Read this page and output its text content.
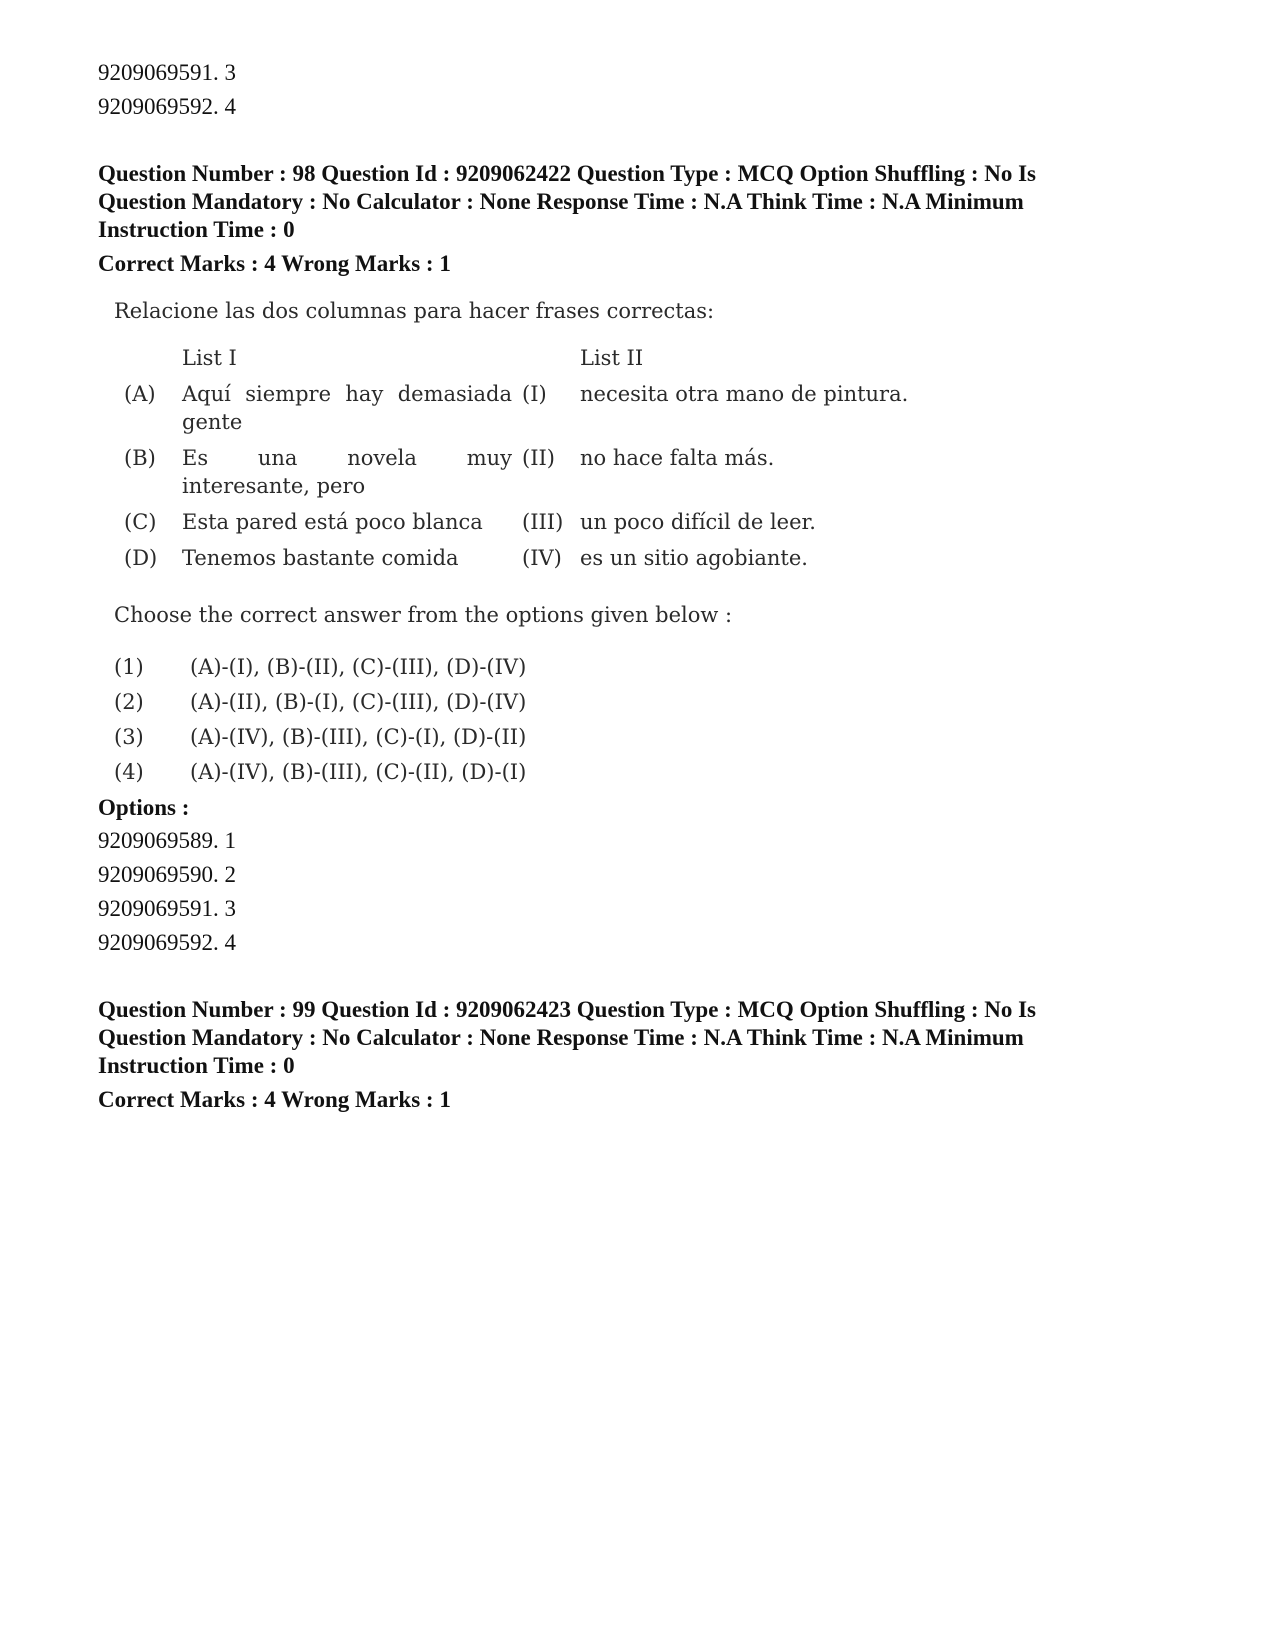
9209069591. 3

9209069592. 4

Question Number : 98 Question Id : 9209062422 Question Type : MCQ Option Shuffling : No Is

Question Mandatory : No Calculator : None Response Time : N.A Think Time : N.A Minimum

Instruction Time : 0

Correct Marks : 4 Wrong Marks : 1

Relacione las dos columnas para hacer frases correctas:

	List I		List II
(A)	Aquí siempre hay demasiada
gente	(I)	necesita otra mano de pintura.
(B)	Es una novela muy
interesante, pero	(II)	no hace falta más.
(C)	Esta pared está poco blanca	(III)	un poco difícil de leer.
(D)	Tenemos bastante comida	(IV)	es un sitio agobiante.

Choose the correct answer from the options given below :

(1)	(A)-(I), (B)-(II), (C)-(III), (D)-(IV)
(2)	(A)-(II), (B)-(I), (C)-(III), (D)-(IV)
(3)	(A)-(IV), (B)-(III), (C)-(I), (D)-(II)
(4)	(A)-(IV), (B)-(III), (C)-(II), (D)-(I)

Options :

9209069589. 1

9209069590. 2

9209069591. 3

9209069592. 4

Question Number : 99 Question Id : 9209062423 Question Type : MCQ Option Shuffling : No Is

Question Mandatory : No Calculator : None Response Time : N.A Think Time : N.A Minimum

Instruction Time : 0

Correct Marks : 4 Wrong Marks : 1
